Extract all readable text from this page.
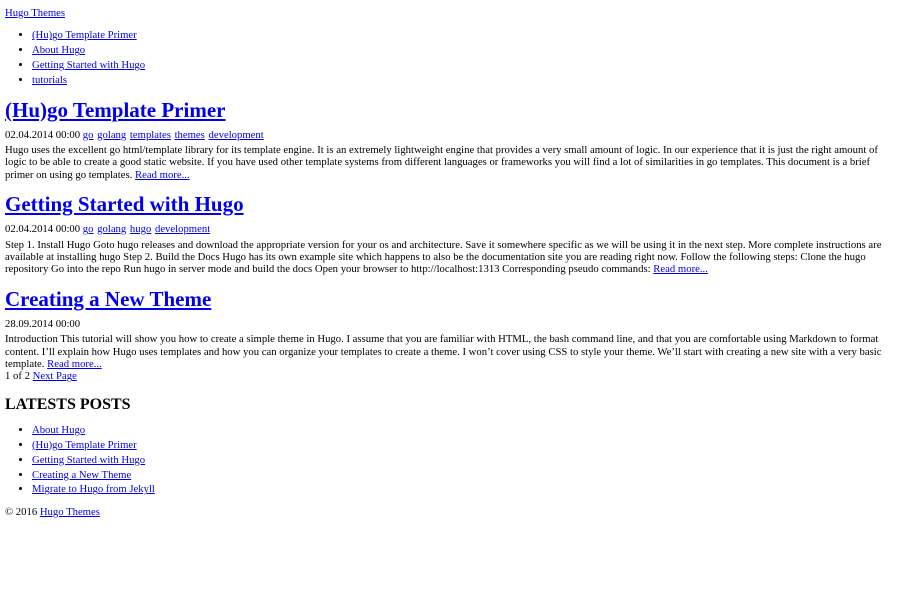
Hugo Themes

• (Hu)go Template Primer
• About Hugo
• Getting Started with Hugo
• tutorials
(Hu)go Template Primer

02.04.2014 00:00 go golang templates themes development

Hugo uses the excellent go html/template library for its template engine. It is an extremely lightweight engine that provides a very small amount of logic. In our experience that it is just the right amount of logic to be able to create a good static website. If you have used other template systems from different languages or frameworks you will find a lot of similarities in go templates. This document is a brief primer on using go templates. Read more...

Getting Started with Hugo

02.04.2014 00:00 go golang hugo development

Step 1. Install Hugo Goto hugo releases and download the appropriate version for your os and architecture. Save it somewhere specific as we will be using it in the next step. More complete instructions are available at installing hugo Step 2. Build the Docs Hugo has its own example site which happens to also be the documentation site you are reading right now. Follow the following steps: Clone the hugo repository Go into the repo Run hugo in server mode and build the docs Open your browser to http://localhost:1313 Corresponding pseudo commands: Read more...

Creating a New Theme

28.09.2014 00:00

Introduction This tutorial will show you how to create a simple theme in Hugo. I assume that you are familiar with HTML, the bash command line, and that you are comfortable using Markdown to format content. I’ll explain how Hugo uses templates and how you can organize your templates to create a theme. I won’t cover using CSS to style your theme. We’ll start with creating a new site with a very basic template. Read more...

1 of 2 Next Page

LATESTS POSTS
• About Hugo
• (Hu)go Template Primer
• Getting Started with Hugo
• Creating a New Theme
• Migrate to Hugo from Jekyll

© 2016 Hugo Themes
